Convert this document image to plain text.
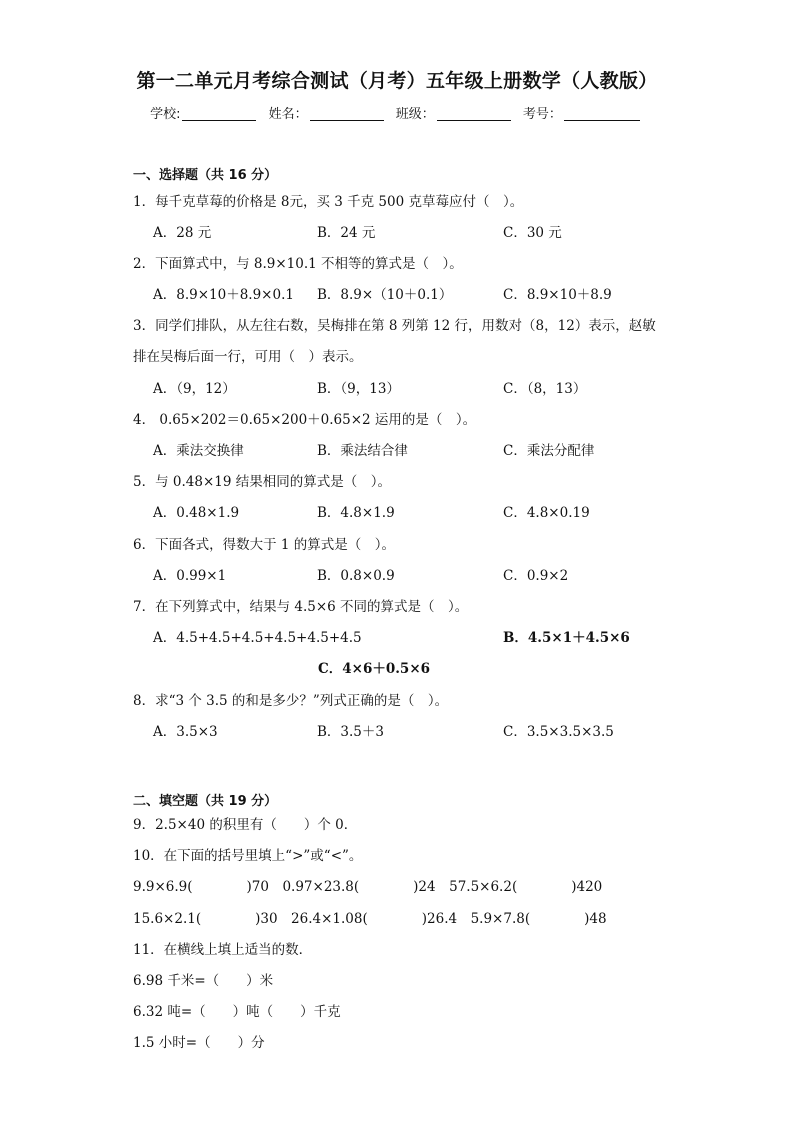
第一二单元月考综合测试（月考）五年级上册数学（人教版）
学校:	姓名：	班级：	考号：
一、选择题（共 16 分）
1．每千克草莓的价格是 8元，买 3 千克 500 克草莓应付（　）。
A．28 元	B．24 元	C．30 元
2．下面算式中，与 8.9×10.1 不相等的算式是（　）。
A．8.9×10＋8.9×0.1 B．8.9×（10＋0.1）	C．8.9×10＋8.9
3．同学们排队，从左往右数，吴梅排在第 8 列第 12 行，用数对（8，12）表示，赵敏
排在吴梅后面一行，可用（　）表示。
A．（9，12）	B．（9，13）	C．（8，13）
4． 0.65×202＝0.65×200＋0.65×2 运用的是（　）。
A．乘法交换律	B．乘法结合律	C．乘法分配律
5．与 0.48×19 结果相同的算式是（　）。
A．0.48×1.9	B．4.8×1.9	C．4.8×0.19
6．下面各式，得数大于 1 的算式是（　）。
A．0.99×1	B．0.8×0.9	C．0.9×2
7．在下列算式中，结果与 4.5×6 不同的算式是（　）。
A．4.5+4.5+4.5+4.5+4.5+4.5	B．4.5×1＋4.5×6
C．4×6＋0.5×6
8．求“3 个 3.5 的和是多少？”列式正确的是（　）。
A．3.5×3	B．3.5＋3	C．3.5×3.5×3.5
二、填空题（共 19 分）
9．2.5×40 的积里有（　　）个 0．
10．在下面的括号里填上“>”或“<”。
9.9×6.9(　　　　)70　0.97×23.8(　　　　)24　57.5×6.2(　　　　)420
15.6×2.1(　　　　)30　26.4×1.08(　　　　)26.4　5.9×7.8(　　　　)48
11．在横线上填上适当的数．
6.98 千米=（　　）米
6.32 吨=（　　）吨（　　）千克
1.5 小时=（　　）分
